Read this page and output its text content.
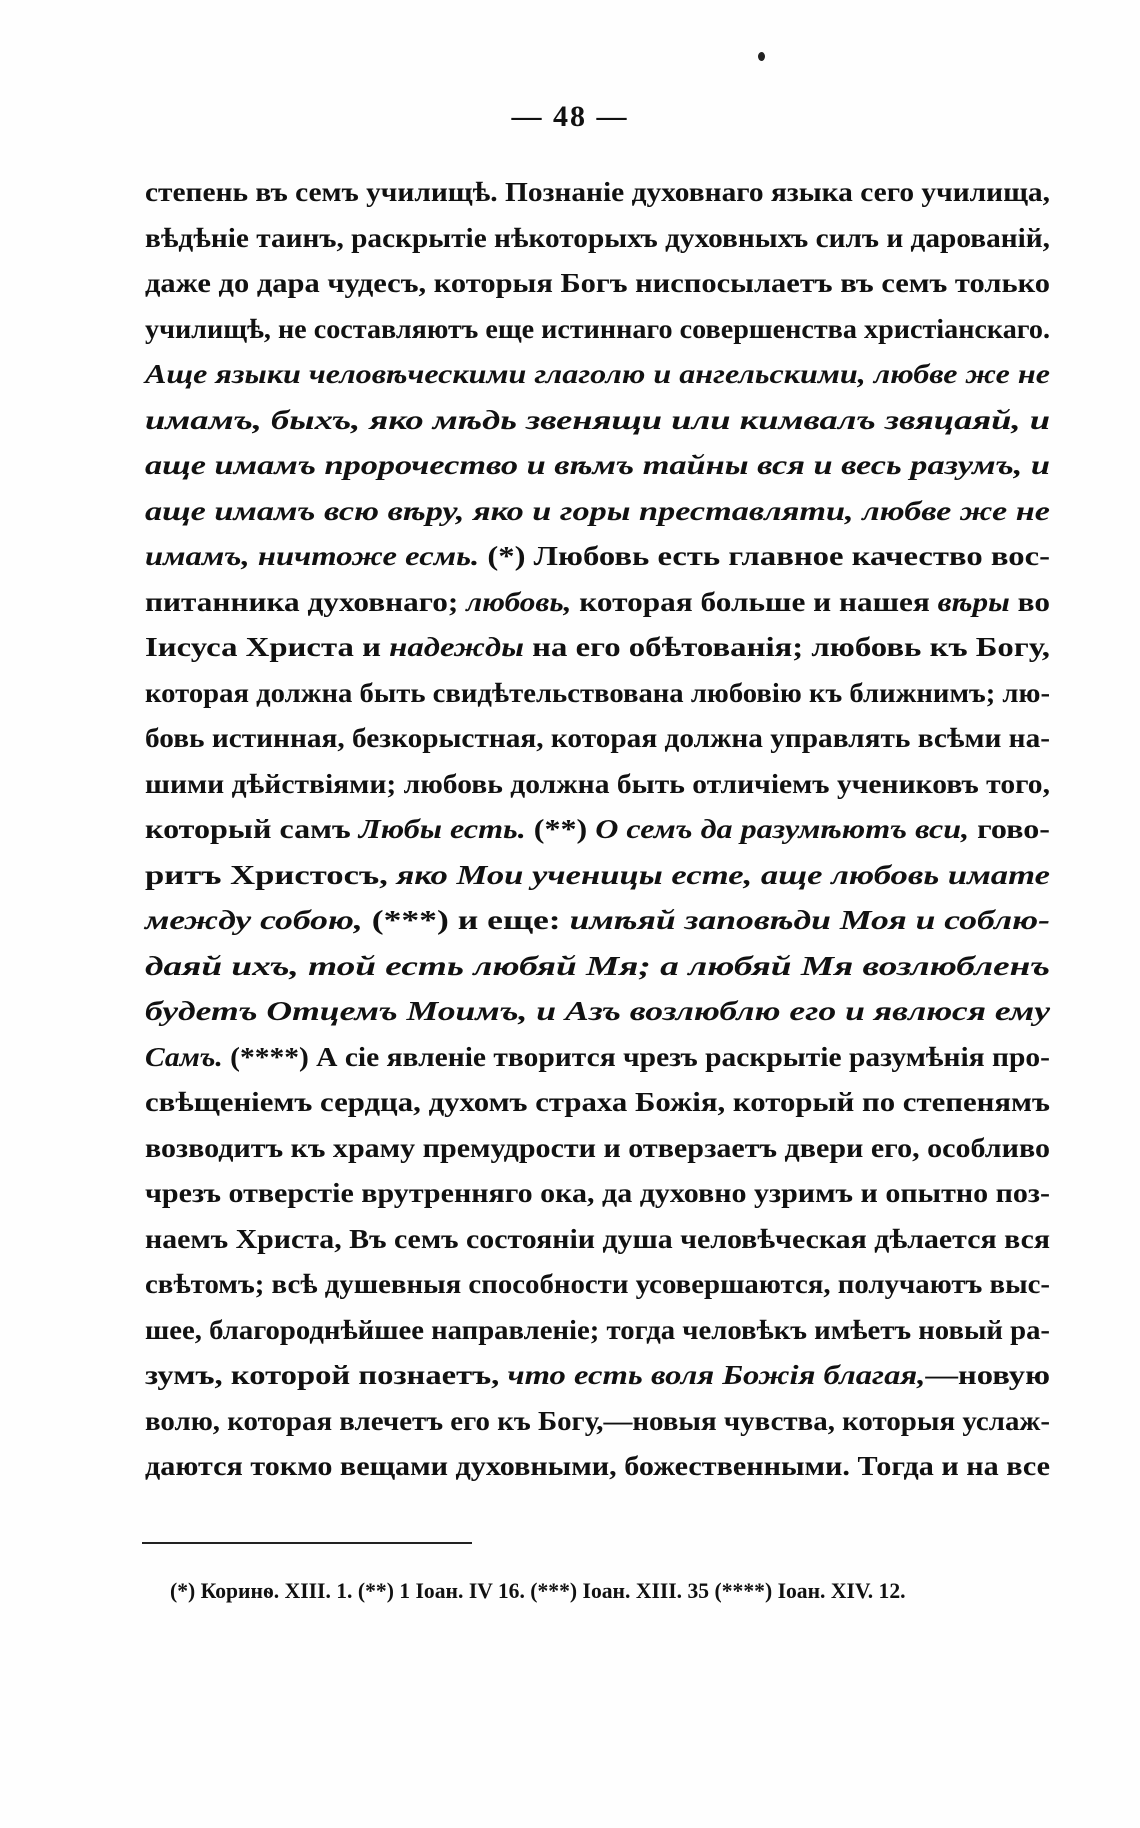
— 48 —
степень въ семъ училищѣ. Познаніе духовнаго языка сего училища,
вѣдѣніе таинъ, раскрытіе нѣкоторыхъ духовныхъ силъ и дарованій,
даже до дара чудесъ, которыя Богъ ниспосылаетъ въ семъ только
училищѣ, не составляютъ еще истиннаго совершенства христіанскаго.
Аще языки человѣческими глаголю и ангельскими, любве же не
имамъ, быхъ, яко мѣдь звенящи или кимвалъ звяцаяй, и
аще имамъ пророчество и вѣмъ тайны вся и весь разумъ, и
аще имамъ всю вѣру, яко и горы преставляти, любве же не
имамъ, ничтоже есмь. (*) Любовь есть главное качество вос-
питанника духовнаго; любовь, которая больше и нашея вѣры во
Іисуса Христа и надежды на его обѣтованія; любовь къ Богу,
которая должна быть свидѣтельствована любовію къ ближнимъ; лю-
бовь истинная, безкорыстная, которая должна управлять всѣми на-
шими дѣйствіями; любовь должна быть отличіемъ учениковъ того,
который самъ Любы есть. (**) О семъ да разумѣютъ вси, гово-
ритъ Христосъ, яко Мои ученицы есте, аще любовь имате
между собою, (***) и еще: имѣяй заповѣди Моя и соблю-
даяй ихъ, той есть любяй Мя; а любяй Мя возлюбленъ
будетъ Отцемъ Моимъ, и Азъ возлюблю его и явлюся ему
Самъ. (****) А сіе явленіе творится чрезъ раскрытіе разумѣнія про-
свѣщеніемъ сердца, духомъ страха Божія, который по степенямъ
возводитъ къ храму премудрости и отверзаетъ двери его, особливо
чрезъ отверстіе врутренняго ока, да духовно узримъ и опытно поз-
наемъ Христа, Въ семъ состояніи душа человѣческая дѣлается вся
свѣтомъ; всѣ душевныя способности усовершаются, получаютъ выс-
шее, благороднѣйшее направленіе; тогда человѣкъ имѣетъ новый ра-
зумъ, которой познаетъ, что есть воля Божія благая,—новую
волю, которая влечетъ его къ Богу,—новыя чувства, которыя услаж-
даются токмо вещами духовными, божественными. Тогда и на все
(*) Коринѳ. XIII. 1. (**) 1 Іоан. IV 16. (***) Іоан. XIII. 35 (****) Іоан. XIV. 12.
